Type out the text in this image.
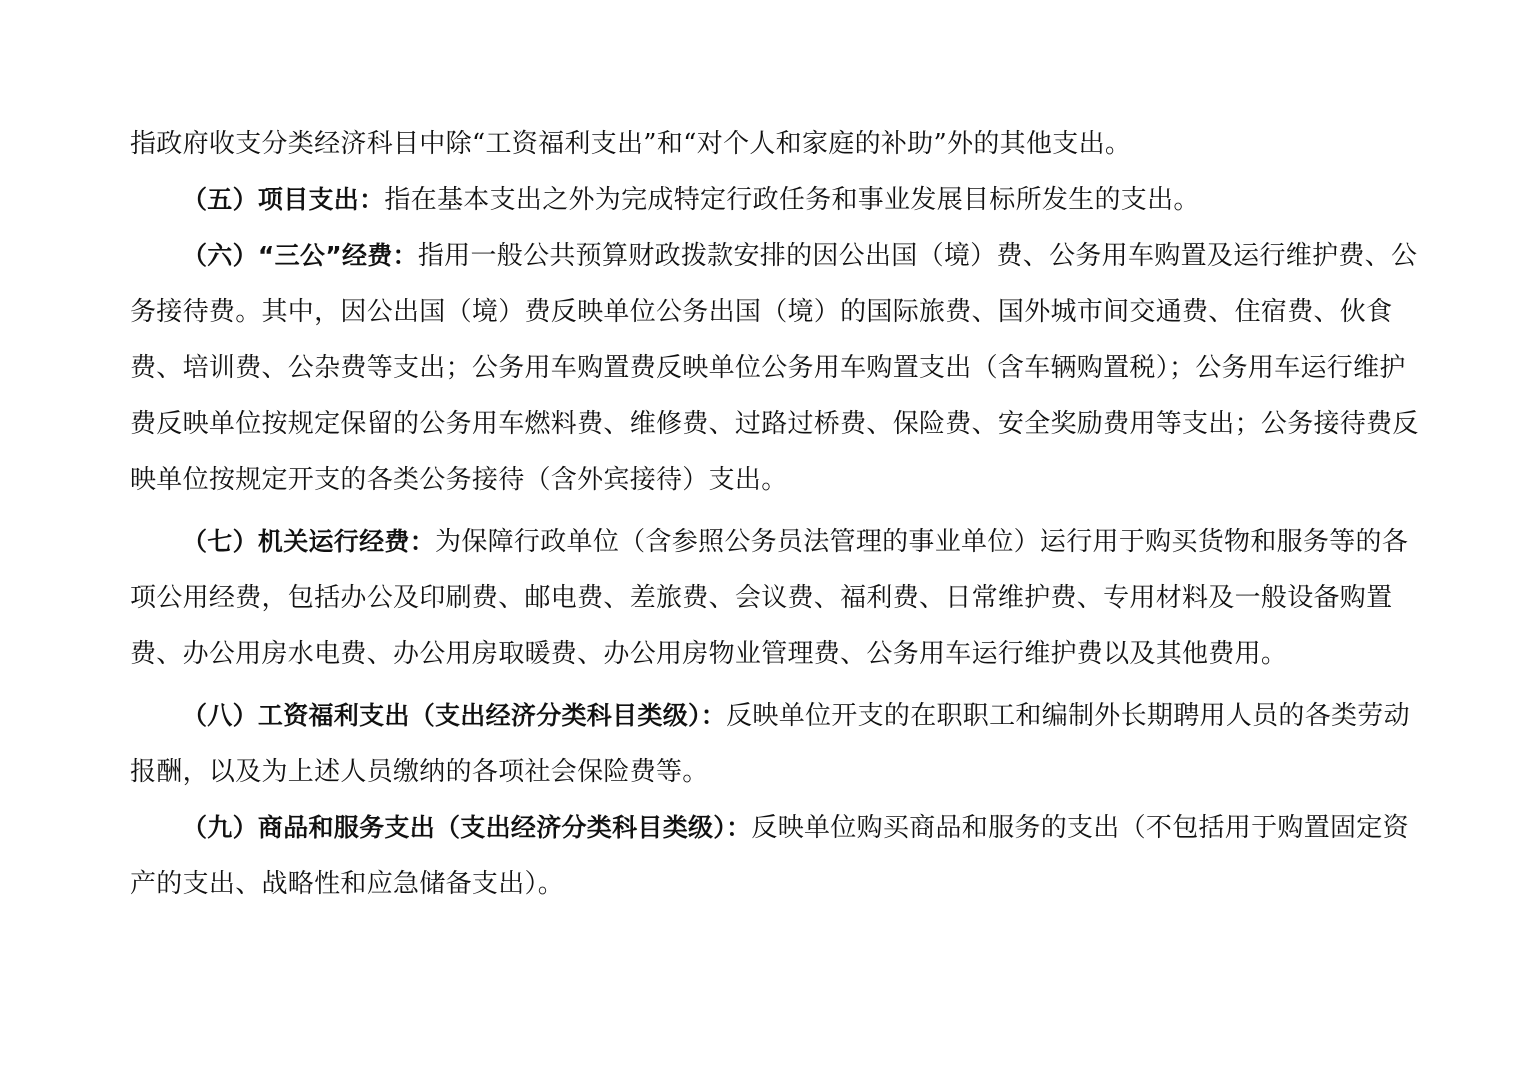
指政府收支分类经济科目中除“工资福利支出”和“对个人和家庭的补助”外的其他支出。

（五）项目支出：指在基本支出之外为完成特定行政任务和事业发展目标所发生的支出。

（六）“三公”经费：指用一般公共预算财政拨款安排的因公出国（境）费、公务用车购置及运行维护费、公务接待费。其中，因公出国（境）费反映单位公务出国（境）的国际旅费、国外城市间交通费、住宿费、伙食费、培训费、公杂费等支出；公务用车购置费反映单位公务用车购置支出（含车辆购置税）；公务用车运行维护费反映单位按规定保留的公务用车燃料费、维修费、过路过桥费、保险费、安全奖励费用等支出；公务接待费反映单位按规定开支的各类公务接待（含外宾接待）支出。

（七）机关运行经费：为保障行政单位（含参照公务员法管理的事业单位）运行用于购买货物和服务等的各项公用经费，包括办公及印刷费、邮电费、差旅费、会议费、福利费、日常维护费、专用材料及一般设备购置费、办公用房水电费、办公用房取暖费、办公用房物业管理费、公务用车运行维护费以及其他费用。

（八）工资福利支出（支出经济分类科目类级）：反映单位开支的在职职工和编制外长期聘用人员的各类劳动报酬，以及为上述人员缴纳的各项社会保险费等。

（九）商品和服务支出（支出经济分类科目类级）：反映单位购买商品和服务的支出（不包括用于购置固定资产的支出、战略性和应急储备支出）。
